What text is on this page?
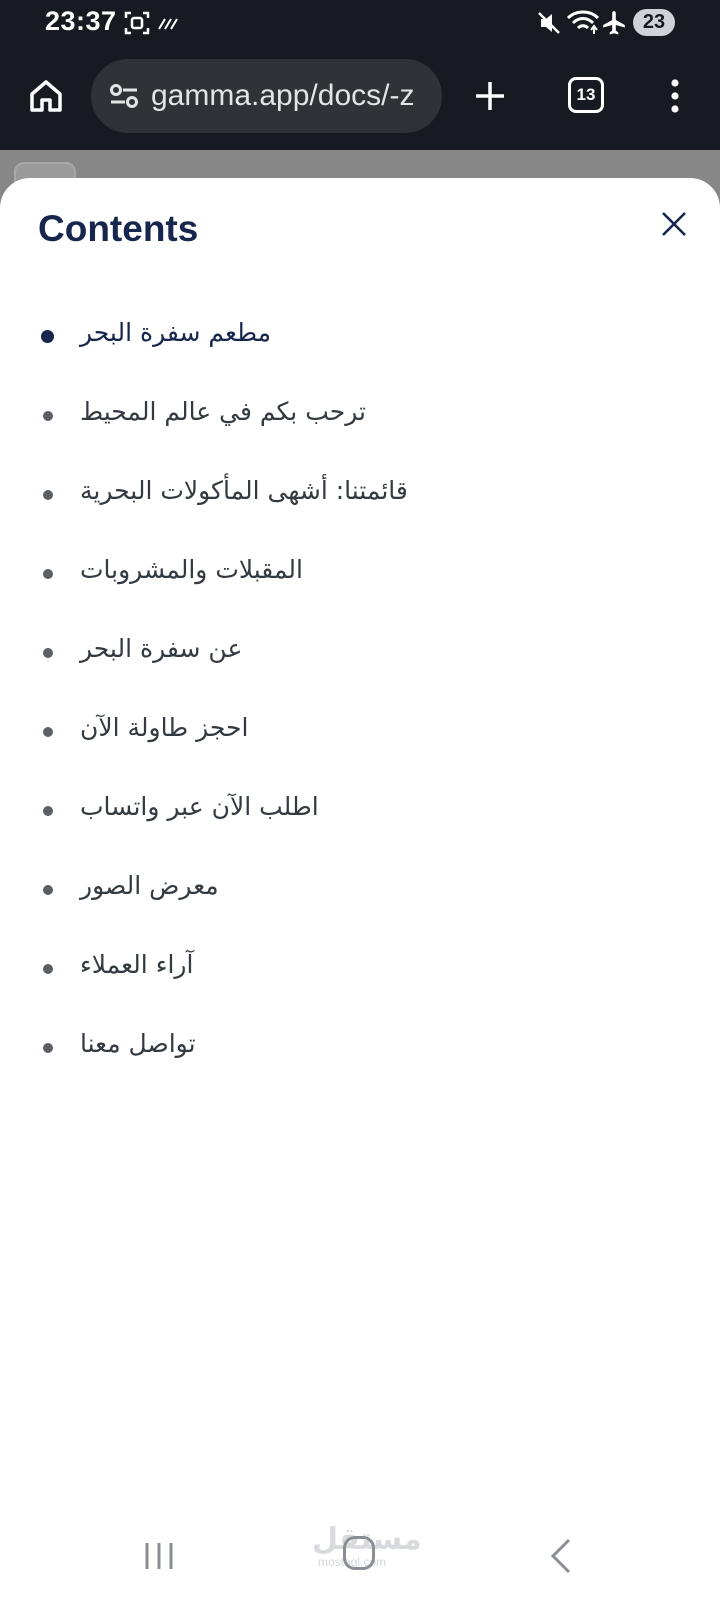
23:37	23
gamma.app/docs/-z	13
Contents
مطعم سفرة البحر
ترحب بكم في عالم المحيط
قائمتنا: أشهى المأكولات البحرية
المقبلات والمشروبات
عن سفرة البحر
احجز طاولة الآن
اطلب الآن عبر واتساب
معرض الصور
آراء العملاء
تواصل معنا
مستقل
mostaql.com
